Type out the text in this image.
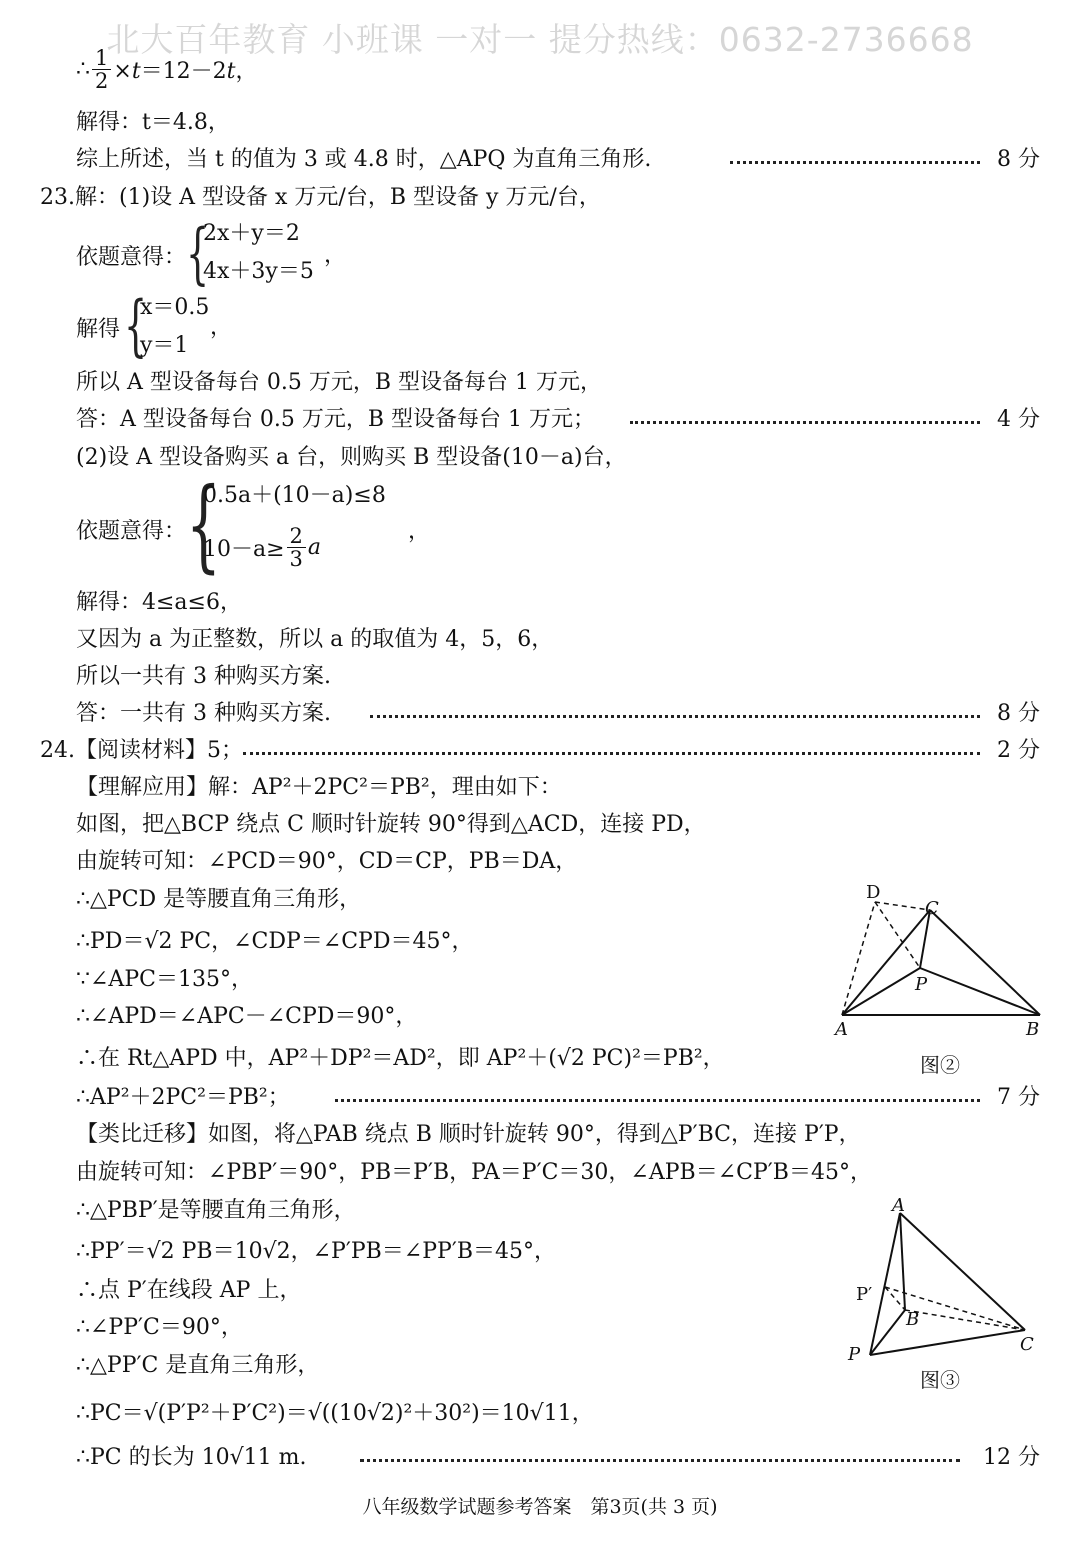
北大百年教育 小班课 一对一 提分热线：0632-2736668
∴ $\frac{1}{2} \times t=12-2t$，
解得：t＝4.8，
综上所述，当 t 的值为 3 或 4.8 时，△APQ 为直角三角形.	8 分
23.解：(1)设 A 型设备 x 万元/台，B 型设备 y 万元/台，
依题意得： {
2x＋y＝2
4x＋3y＝5
，
解得 {
x＝0.5
y＝1
，
所以 A 型设备每台 0.5 万元，B 型设备每台 1 万元，
答：A 型设备每台 0.5 万元，B 型设备每台 1 万元；	4 分
(2)设 A 型设备购买 a 台，则购买 B 型设备(10－a)台，
依题意得： {
0.5a＋(10－a)≤8
$10-a\ge \frac{2}{3}$ a
，
解得：4≤a≤6，
又因为 a 为正整数，所以 a 的取值为 4，5，6，
所以一共有 3 种购买方案.
答：一共有 3 种购买方案.	8 分
24.【阅读材料】5；	2 分
【理解应用】解：AP²＋2PC²＝PB²，理由如下：
如图，把△BCP 绕点 C 顺时针旋转 90°得到△ACD，连接 PD，
由旋转可知：∠PCD＝90°，CD＝CP，PB＝DA，
∴△PCD 是等腰直角三角形，
∴PD＝√2 PC，∠CDP＝∠CPD＝45°，
∵∠APC＝135°，
∴∠APD＝∠APC－∠CPD＝90°，
∴在 Rt△APD 中，AP²＋DP²＝AD²，即 AP²＋(√2 PC)²＝PB²，
∴AP²＋2PC²＝PB²；	7 分
【类比迁移】如图，将△PAB 绕点 B 顺时针旋转 90°，得到△P′BC，连接 P′P，
由旋转可知：∠PBP′＝90°，PB＝P′B，PA＝P′C＝30，∠APB＝∠CP′B＝45°，
∴△PBP′是等腰直角三角形，
∴PP′＝√2 PB＝10√2，∠P′PB＝∠PP′B＝45°，
∴点 P′在线段 AP 上，
∴∠PP′C＝90°，
∴△PP′C 是直角三角形，
∴PC＝√(P′P²＋P′C²)＝√((10√2)²＋30²)＝10√11，
∴PC 的长为 10√11 m.	12 分
D
C
P
A	B
图②
A
P′
B
P	C
图③
八年级数学试题参考答案　第3页(共 3 页)
